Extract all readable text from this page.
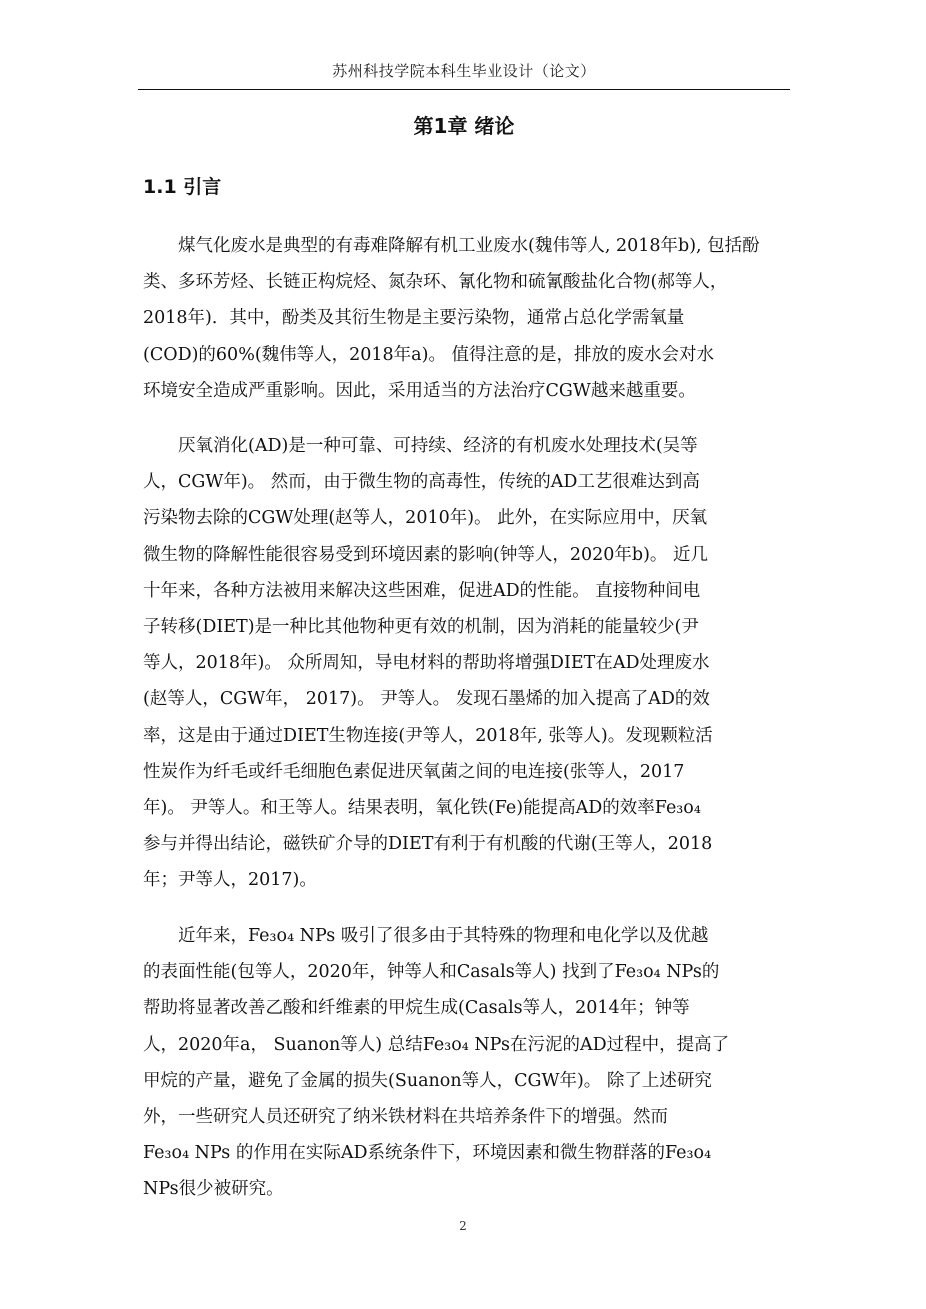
苏州科技学院本科生毕业设计（论文）
第1章 绪论
1.1 引言
煤气化废水是典型的有毒难降解有机工业废水(魏伟等人, 2018年b), 包括酚
类、多环芳烃、长链正构烷烃、氮杂环、氰化物和硫氰酸盐化合物(郝等人，
2018年)．其中，酚类及其衍生物是主要污染物，通常占总化学需氧量
(COD)的60%(魏伟等人，2018年a)。 值得注意的是，排放的废水会对水
环境安全造成严重影响。因此，采用适当的方法治疗CGW越来越重要。
厌氧消化(AD)是一种可靠、可持续、经济的有机废水处理技术(吴等
人，CGW年)。 然而，由于微生物的高毒性，传统的AD工艺很难达到高
污染物去除的CGW处理(赵等人，2010年)。 此外，在实际应用中，厌氧
微生物的降解性能很容易受到环境因素的影响(钟等人，2020年b)。 近几
十年来，各种方法被用来解决这些困难，促进AD的性能。 直接物种间电
子转移(DIET)是一种比其他物种更有效的机制，因为消耗的能量较少(尹
等人，2018年)。 众所周知，导电材料的帮助将增强DIET在AD处理废水
(赵等人，CGW年， 2017)。 尹等人。 发现石墨烯的加入提高了AD的效
率，这是由于通过DIET生物连接(尹等人，2018年, 张等人)。发现颗粒活
性炭作为纤毛或纤毛细胞色素促进厌氧菌之间的电连接(张等人，2017
年)。 尹等人。和王等人。结果表明，氧化铁(Fe)能提高AD的效率Fe₃o₄
参与并得出结论，磁铁矿介导的DIET有利于有机酸的代谢(王等人，2018
年；尹等人，2017)。
近年来，Fe₃o₄ NPs 吸引了很多由于其特殊的物理和电化学以及优越
的表面性能(包等人，2020年，钟等人和Casals等人) 找到了Fe₃o₄ NPs的
帮助将显著改善乙酸和纤维素的甲烷生成(Casals等人，2014年；钟等
人，2020年a， Suanon等人) 总结Fe₃o₄ NPs在污泥的AD过程中，提高了
甲烷的产量，避免了金属的损失(Suanon等人，CGW年)。 除了上述研究
外，一些研究人员还研究了纳米铁材料在共培养条件下的增强。然而
Fe₃o₄ NPs 的作用在实际AD系统条件下，环境因素和微生物群落的Fe₃o₄
NPs很少被研究。
2
